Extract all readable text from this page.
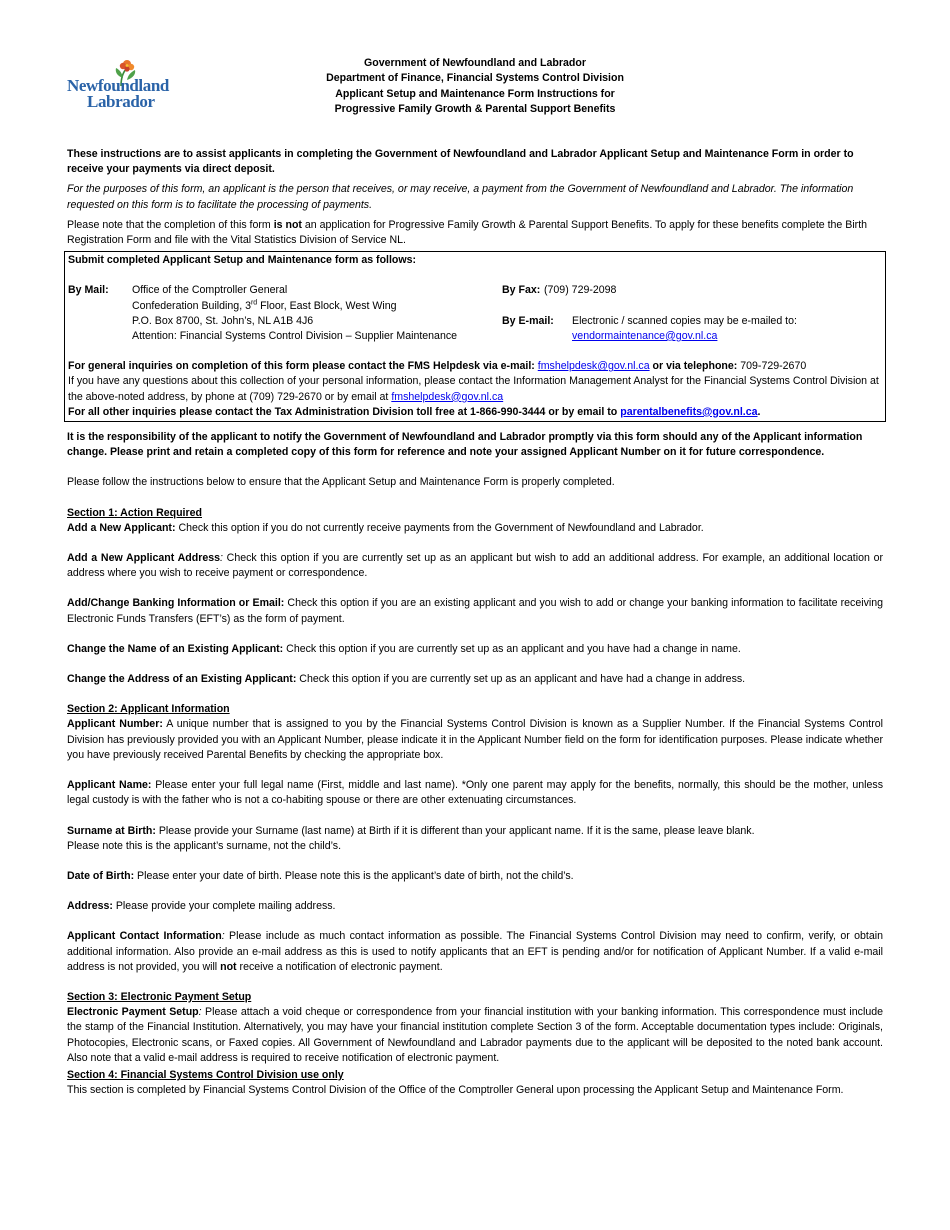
Newfoundland
Labrador
Government of Newfoundland and Labrador
Department of Finance, Financial Systems Control Division
Applicant Setup and Maintenance Form Instructions for
Progressive Family Growth & Parental Support Benefits

These instructions are to assist applicants in completing the Government of Newfoundland and Labrador Applicant Setup and Maintenance Form in order to receive your payments via direct deposit.

For the purposes of this form, an applicant is the person that receives, or may receive, a payment from the Government of Newfoundland and Labrador. The information requested on this form is to facilitate the processing of payments.

Please note that the completion of this form is not an application for Progressive Family Growth & Parental Support Benefits. To apply for these benefits complete the Birth Registration Form and file with the Vital Statistics Division of Service NL.

Submit completed Applicant Setup and Maintenance form as follows:

By Mail:	Office of the Comptroller General
Confederation Building, 3rd Floor, East Block, West Wing
P.O. Box 8700, St. John’s, NL A1B 4J6
Attention: Financial Systems Control Division – Supplier Maintenance
By Fax: (709) 729-2098
By E-mail:	Electronic / scanned copies may be e-mailed to:
vendormaintenance@gov.nl.ca

For general inquiries on completion of this form please contact the FMS Helpdesk via e-mail: fmshelpdesk@gov.nl.ca or via telephone: 709-729-2670

If you have any questions about this collection of your personal information, please contact the Information Management Analyst for the Financial Systems Control Division at the above-noted address, by phone at (709) 729-2670 or by email at fmshelpdesk@gov.nl.ca

For all other inquiries please contact the Tax Administration Division toll free at 1-866-990-3444 or by email to parentalbenefits@gov.nl.ca.

It is the responsibility of the applicant to notify the Government of Newfoundland and Labrador promptly via this form should any of the Applicant information change. Please print and retain a completed copy of this form for reference and note your assigned Applicant Number on it for future correspondence.

Please follow the instructions below to ensure that the Applicant Setup and Maintenance Form is properly completed.

Section 1: Action Required

Add a New Applicant: Check this option if you do not currently receive payments from the Government of Newfoundland and Labrador.

Add a New Applicant Address: Check this option if you are currently set up as an applicant but wish to add an additional address. For example, an additional location or address where you wish to receive payment or correspondence.

Add/Change Banking Information or Email: Check this option if you are an existing applicant and you wish to add or change your banking information to facilitate receiving Electronic Funds Transfers (EFT’s) as the form of payment.

Change the Name of an Existing Applicant: Check this option if you are currently set up as an applicant and you have had a change in name.

Change the Address of an Existing Applicant: Check this option if you are currently set up as an applicant and have had a change in address.

Section 2: Applicant Information

Applicant Number: A unique number that is assigned to you by the Financial Systems Control Division is known as a Supplier Number. If the Financial Systems Control Division has previously provided you with an Applicant Number, please indicate it in the Applicant Number field on the form for identification purposes. Please indicate whether you have previously received Parental Benefits by checking the appropriate box.

Applicant Name: Please enter your full legal name (First, middle and last name). *Only one parent may apply for the benefits, normally, this should be the mother, unless legal custody is with the father who is not a co-habiting spouse or there are other extenuating circumstances.

Surname at Birth: Please provide your Surname (last name) at Birth if it is different than your applicant name. If it is the same, please leave blank.

Please note this is the applicant’s surname, not the child’s.

Date of Birth: Please enter your date of birth. Please note this is the applicant’s date of birth, not the child’s.

Address: Please provide your complete mailing address.

Applicant Contact Information: Please include as much contact information as possible. The Financial Systems Control Division may need to confirm, verify, or obtain additional information. Also provide an e-mail address as this is used to notify applicants that an EFT is pending and/or for notification of Applicant Number. If a valid e-mail address is not provided, you will not receive a notification of electronic payment.

Section 3: Electronic Payment Setup

Electronic Payment Setup: Please attach a void cheque or correspondence from your financial institution with your banking information. This correspondence must include the stamp of the Financial Institution. Alternatively, you may have your financial institution complete Section 3 of the form. Acceptable documentation types include: Originals, Photocopies, Electronic scans, or Faxed copies. All Government of Newfoundland and Labrador payments due to the applicant will be deposited to the noted bank account. Also note that a valid e-mail address is required to receive notification of electronic payment.

Section 4: Financial Systems Control Division use only

This section is completed by Financial Systems Control Division of the Office of the Comptroller General upon processing the Applicant Setup and Maintenance Form.
